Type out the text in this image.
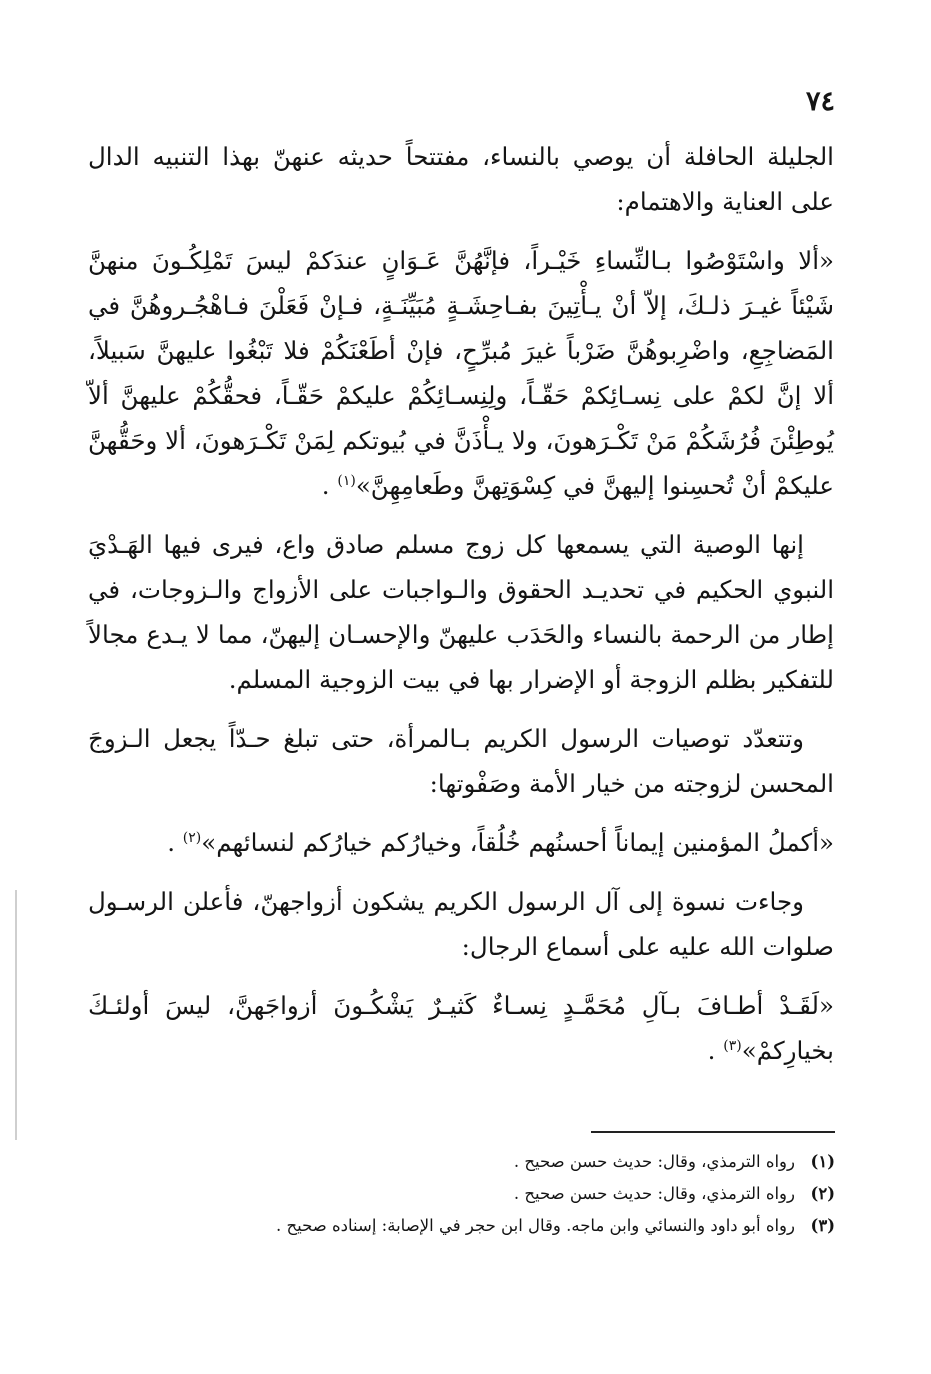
٧٤

الجليلة الحافلة أن يوصي بالنساء، مفتتحاً حديثه عنهنّ بهذا التنبيه الدال على العناية والاهتمام:

«ألا واسْتَوْصُوا بـالنِّساءِ خَيْـراً، فإنَّهُنَّ عَـوَانٍ عندَكمْ ليسَ تَمْلِكُـونَ منهنَّ شَيْئاً غيـرَ ذلـكَ، إلاّ أنْ يـأْتِينَ بفـاحِشَـةٍ مُبَيِّنَـةٍ، فـإنْ فَعَلْنَ فـاهْجُـروهُنَّ في المَضاجِعِ، واضْرِبوهُنَّ ضَرْباً غيرَ مُبرِّحٍ، فإنْ أطَعْنَكُمْ فلا تَبْغُوا عليهنَّ سَبيلاً، ألا إنَّ لكمْ على نِسـائِكمْ حَقّـاً، ولِنِسـائِكُمْ عليكمْ حَقّـاً، فحقُّكُمْ عليهنَّ ألاّ يُوطِئْنَ فُرُشَكُمْ مَنْ تَكْـرَهونَ، ولا يـأْذَنَّ في بُيوتكم لِمَنْ تَكْـرَهونَ، ألا وحَقُّهنَّ عليكمْ أنْ تُحسِنوا إليهنَّ في كِسْوَتِهنَّ وطَعامِهِنَّ»$^{(١)}$ .

إنها الوصية التي يسمعها كل زوج مسلم صادق واع، فيرى فيها الهَـدْيَ النبوي الحكيم في تحديـد الحقوق والـواجبات على الأزواج والـزوجات، في إطار من الرحمة بالنساء والحَدَب عليهنّ والإحسـان إليهنّ، مما لا يـدع مجالاً للتفكير بظلم الزوجة أو الإضرار بها في بيت الزوجية المسلم.

وتتعدّد توصيات الرسول الكريم بـالمرأة، حتى تبلغ حـدّاً يجعل الـزوجَ المحسن لزوجته من خيار الأمة وصَفْوتها:

«أكملُ المؤمنين إيماناً أحسنُهم خُلُقاً، وخيارُكم خيارُكم لنسائهم»$^{(٢)}$ .

وجاءت نسوة إلى آل الرسول الكريم يشكون أزواجهنّ، فأعلن الرسـول صلوات الله عليه على أسماع الرجال:

«لَقَـدْ أطـافَ بـآلِ مُحَمَّـدٍ نِسـاءٌ كَثيـرٌ يَشْكُـونَ أزواجَهنَّ، ليسَ أولئـكَ بخيارِكمْ»$^{(٣)}$ .

(١)
رواه الترمذي، وقال: حديث حسن صحيح .
(٢)
رواه الترمذي، وقال: حديث حسن صحيح .
(٣)
رواه أبو داود والنسائي وابن ماجه. وقال ابن حجر في الإصابة: إسناده صحيح .
